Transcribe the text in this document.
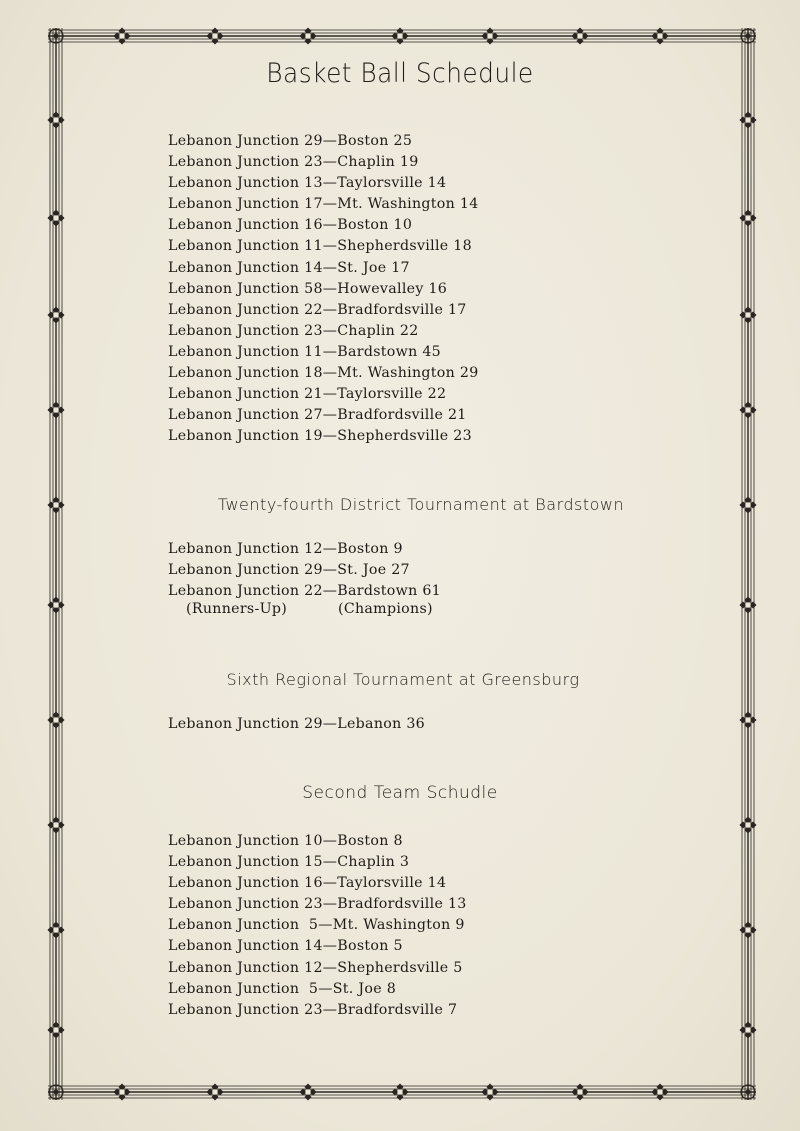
Basket Ball Schedule
Lebanon Junction 29—Boston 25
Lebanon Junction 23—Chaplin 19
Lebanon Junction 13—Taylorsville 14
Lebanon Junction 17—Mt. Washington 14
Lebanon Junction 16—Boston 10
Lebanon Junction 11—Shepherdsville 18
Lebanon Junction 14—St. Joe 17
Lebanon Junction 58—Howevalley 16
Lebanon Junction 22—Bradfordsville 17
Lebanon Junction 23—Chaplin 22
Lebanon Junction 11—Bardstown 45
Lebanon Junction 18—Mt. Washington 29
Lebanon Junction 21—Taylorsville 22
Lebanon Junction 27—Bradfordsville 21
Lebanon Junction 19—Shepherdsville 23
Twenty-fourth District Tournament at Bardstown
Lebanon Junction 12—Boston 9
Lebanon Junction 29—St. Joe 27
Lebanon Junction 22—Bardstown 61
(Runners-Up)	(Champions)
Sixth Regional Tournament at Greensburg
Lebanon Junction 29—Lebanon 36
Second Team Schudle
Lebanon Junction 10—Boston 8
Lebanon Junction 15—Chaplin 3
Lebanon Junction 16—Taylorsville 14
Lebanon Junction 23—Bradfordsville 13
Lebanon Junction  5—Mt. Washington 9
Lebanon Junction 14—Boston 5
Lebanon Junction 12—Shepherdsville 5
Lebanon Junction  5—St. Joe 8
Lebanon Junction 23—Bradfordsville 7
